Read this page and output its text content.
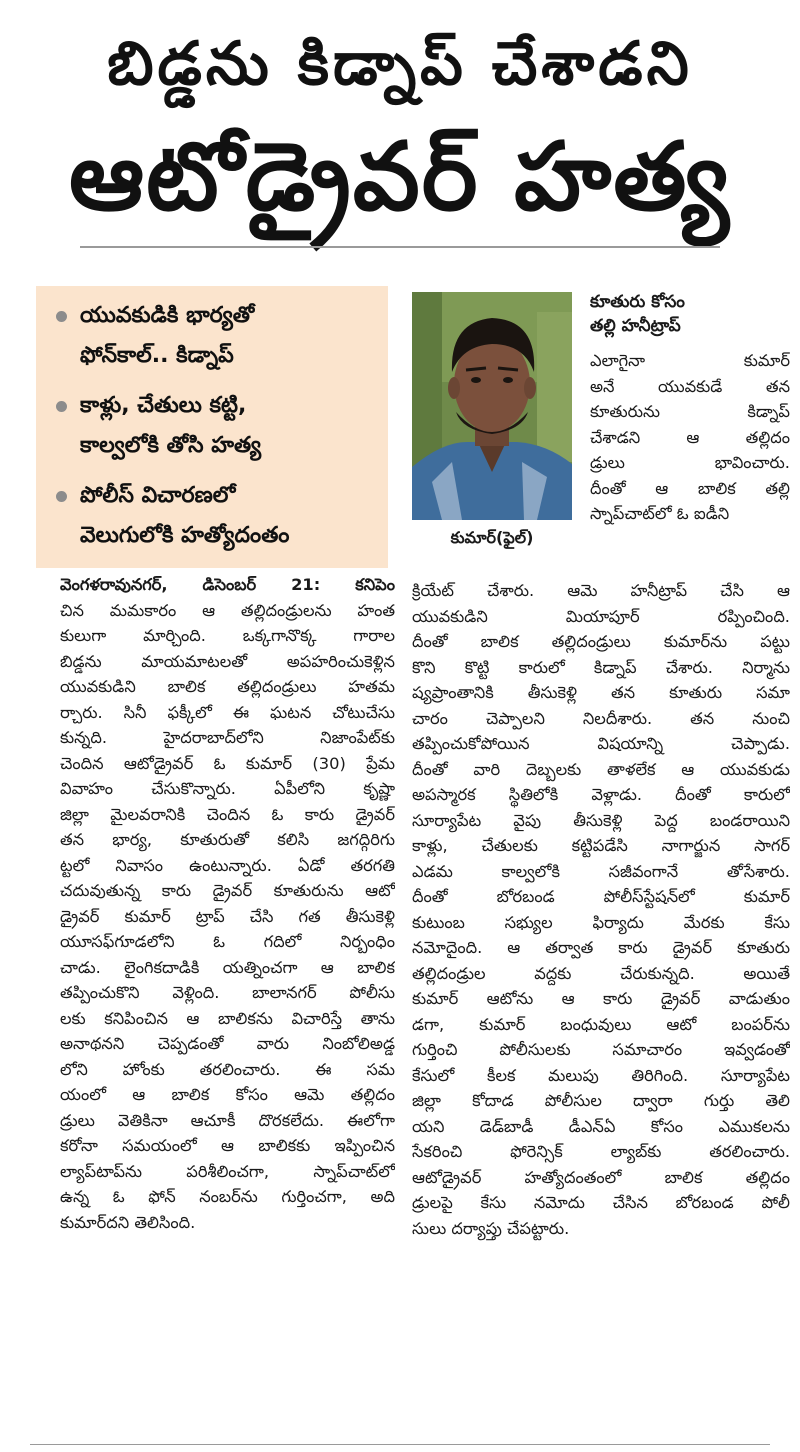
బిడ్డను కిడ్నాప్ చేశాడని
ఆటోడ్రైవర్ హత్య
యువకుడికి భార్యతో
ఫోన్‌కాల్.. కిడ్నాప్
కాళ్లు, చేతులు కట్టి,
కాల్వలోకి తోసి హత్య
పోలీస్ విచారణలో
వెలుగులోకి హత్యోదంతం	కుమార్(ఫైల్)
కూతురు కోసం
తల్లి హనీట్రాప్
వెంగళరావునగర్, డిసెంబర్ 21: కనిపెం
చిన మమకారం ఆ తల్లిదండ్రులను హంత
కులుగా మార్చింది. ఒక్కగానొక్క గారాల
బిడ్డను మాయమాటలతో అపహరించుకెళ్లిన
యువకుడిని బాలిక తల్లిదండ్రులు హతమ
ర్చారు. సినీ ఫక్కీలో ఈ ఘటన చోటుచేసు
కున్నది. హైదరాబాద్‌లోని నిజాంపేట్‌కు
చెందిన ఆటోడ్రైవర్ ఓ కుమార్ (30) ప్రేమ
వివాహం చేసుకొన్నారు. ఏపీలోని కృష్ణా
జిల్లా మైలవరానికి చెందిన ఓ కారు డ్రైవర్
తన భార్య, కూతురుతో కలిసి జగద్గిరిగు
ట్టలో నివాసం ఉంటున్నారు. ఏడో తరగతి
చదువుతున్న కారు డ్రైవర్ కూతురును ఆటో
డ్రైవర్ కుమార్ ట్రాప్ చేసి గత తీసుకెళ్లి
యూసఫ్‌గూడలోని ఓ గదిలో నిర్బంధిం
చాడు. లైంగికదాడికి యత్నించగా ఆ బాలిక
తప్పించుకొని వెళ్లింది. బాలానగర్ పోలీసు
లకు కనిపించిన ఆ బాలికను విచారిస్తే తాను
అనాథనని చెప్పడంతో వారు నింబోలిఅడ్డ
లోని హోంకు తరలించారు. ఈ సమ
యంలో ఆ బాలిక కోసం ఆమె తల్లిదం
డ్రులు వెతికినా ఆచూకీ దొరకలేదు. ఈలోగా
కరోనా సమయంలో ఆ బాలికకు ఇప్పించిన
ల్యాప్‌టాప్‌ను పరిశీలించగా, స్నాప్‌చాట్‌లో
ఉన్న ఓ ఫోన్ నంబర్‌ను గుర్తించగా, అది
కుమార్‌దని తెలిసింది.
ఎలాగైనా కుమార్
అనే యువకుడే తన
కూతురును కిడ్నాప్
చేశాడని ఆ తల్లిదం
డ్రులు భావించారు.
దీంతో ఆ బాలిక తల్లి
స్నాప్‌చాట్‌లో ఓ ఐడీని
క్రియేట్ చేశారు. ఆమె హనీట్రాప్ చేసి ఆ
యువకుడిని మియాపూర్ రప్పించింది.
దీంతో బాలిక తల్లిదండ్రులు కుమార్‌ను పట్టు
కొని కొట్టి కారులో కిడ్నాప్ చేశారు. నిర్మాను
ష్యప్రాంతానికి తీసుకెళ్లి తన కూతురు సమా
చారం చెప్పాలని నిలదీశారు. తన నుంచి
తప్పించుకోపోయిన విషయాన్ని చెప్పాడు.
దీంతో వారి దెబ్బలకు తాళలేక ఆ యువకుడు
అపస్మారక స్థితిలోకి వెళ్లాడు. దీంతో కారులో
సూర్యాపేట వైపు తీసుకెళ్లి పెద్ద బండరాయిని
కాళ్లు, చేతులకు కట్టిపడేసి నాగార్జున సాగర్
ఎడమ కాల్వలోకి సజీవంగానే తోసేశారు.
దీంతో బోరబండ పోలీస్‌స్టేషన్‌లో కుమార్
కుటుంబ సభ్యుల ఫిర్యాదు మేరకు కేసు
నమోదైంది. ఆ తర్వాత కారు డ్రైవర్ కూతురు
తల్లిదండ్రుల వద్దకు చేరుకున్నది. అయితే
కుమార్ ఆటోను ఆ కారు డ్రైవర్ వాడుతుం
డగా, కుమార్ బంధువులు ఆటో బంపర్‌ను
గుర్తించి పోలీసులకు సమాచారం ఇవ్వడంతో
కేసులో కీలక మలుపు తిరిగింది. సూర్యాపేట
జిల్లా కోదాడ పోలీసుల ద్వారా గుర్తు తెలి
యని డెడ్‌బాడీ డీఎన్‌ఏ కోసం ఎముకలను
సేకరించి ఫోరెన్సిక్ ల్యాబ్‌కు తరలించారు.
ఆటోడ్రైవర్ హత్యోదంతంలో బాలిక తల్లిదం
డ్రులపై కేసు నమోదు చేసిన బోరబండ పోలీ
సులు దర్యాప్తు చేపట్టారు.
